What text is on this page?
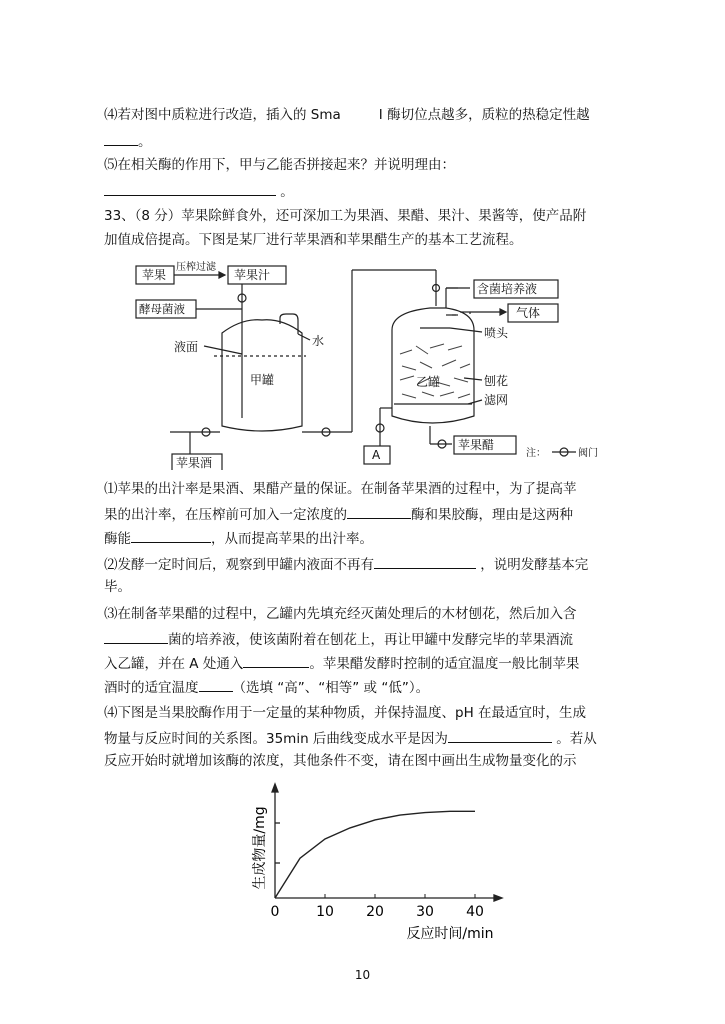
⑷若对图中质粒进行改造，插入的 Sma	I 酶切位点越多，质粒的热稳定性越
。
⑸在相关酶的作用下，甲与乙能否拼接起来？并说明理由：
。
33、（8 分）苹果除鲜食外，还可深加工为果酒、果醋、果汁、果酱等，使产品附
加值成倍提高。下图是某厂进行苹果酒和苹果醋生产的基本工艺流程。
苹果
压榨过滤
苹果汁
酵母菌液
水
液面
甲罐
苹果酒
A
含菌培养液
气体
喷头
乙罐	刨花
滤网
苹果醋
注：	阀门
⑴苹果的出汁率是果酒、果醋产量的保证。在制备苹果酒的过程中，为了提高苹
果的出汁率，在压榨前可加入一定浓度的	酶和果胶酶，理由是这两种
酶能	，从而提高苹果的出汁率。
⑵发酵一定时间后，观察到甲罐内液面不再有	，说明发酵基本完
毕。
⑶在制备苹果醋的过程中，乙罐内先填充经灭菌处理后的木材刨花，然后加入含
菌的培养液，使该菌附着在刨花上，再让甲罐中发酵完毕的苹果酒流
入乙罐，并在 A 处通入	。苹果醋发酵时控制的适宜温度一般比制苹果
酒时的适宜温度	（选填 “高”、“相等” 或 “低”）。
⑷下图是当果胶酶作用于一定量的某种物质，并保持温度、pH 在最适宜时，生成
物量与反应时间的关系图。35min 后曲线变成水平是因为	。若从
反应开始时就增加该酶的浓度，其他条件不变，请在图中画出生成物量变化的示
生成物量/mg
反应时间/min
0	10 20 30 40
10
